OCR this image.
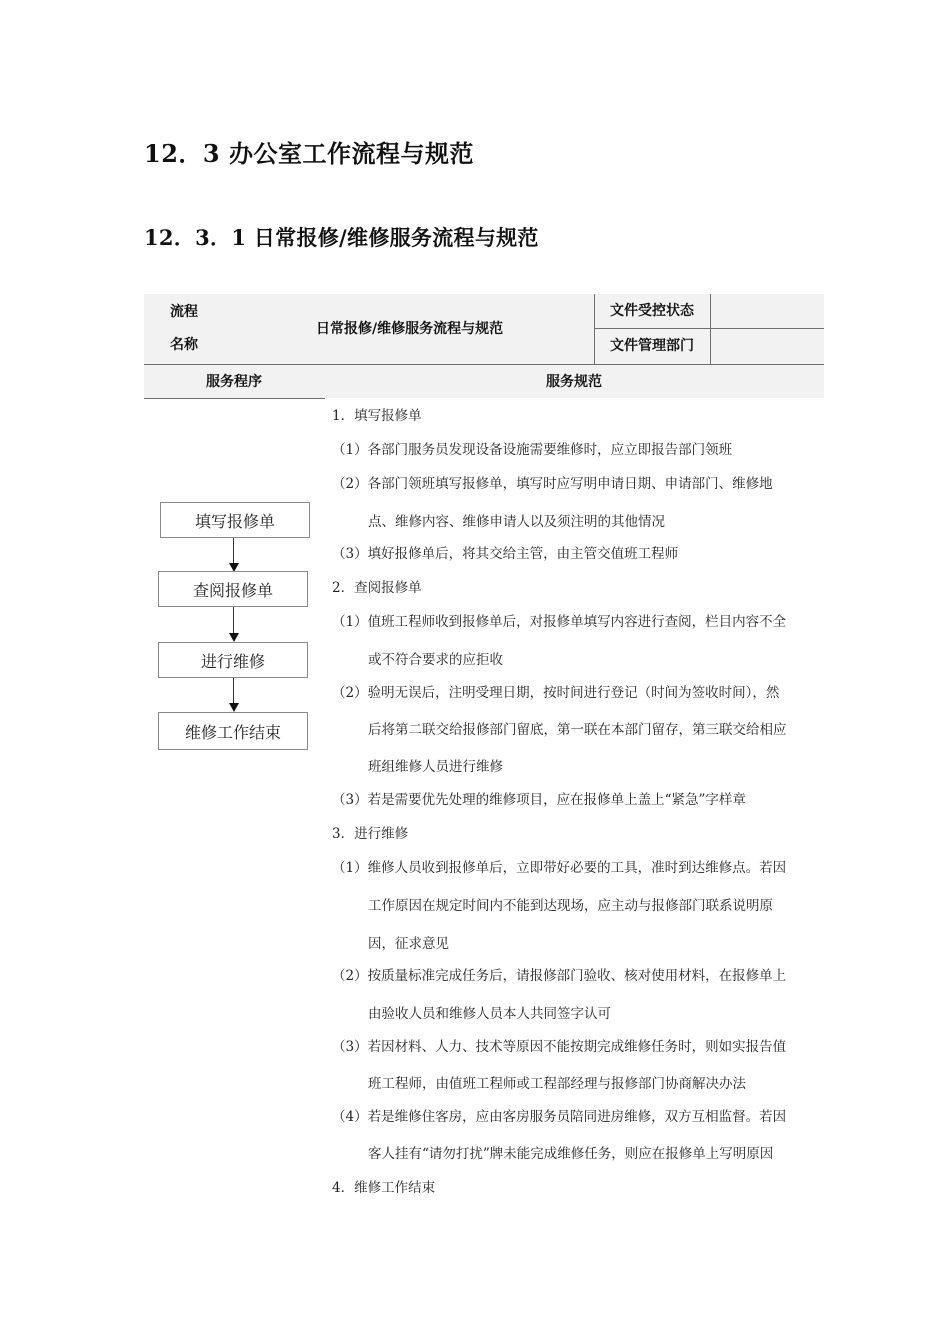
12．3 办公室工作流程与规范
12．3．1 日常报修/维修服务流程与规范
流程
名称
日常报修/维修服务流程与规范
文件受控状态
文件管理部门
服务程序	服务规范
填写报修单
查阅报修单
进行维修
维修工作结束
1．填写报修单
（1）各部门服务员发现设备设施需要维修时，应立即报告部门领班
（2）各部门领班填写报修单，填写时应写明申请日期、申请部门、维修地
点、维修内容、维修申请人以及须注明的其他情况
（3）填好报修单后，将其交给主管，由主管交值班工程师
2．查阅报修单
（1）值班工程师收到报修单后，对报修单填写内容进行查阅，栏目内容不全
或不符合要求的应拒收
（2）验明无误后，注明受理日期，按时间进行登记（时间为签收时间），然
后将第二联交给报修部门留底，第一联在本部门留存，第三联交给相应
班组维修人员进行维修
（3）若是需要优先处理的维修项目，应在报修单上盖上“紧急”字样章
3．进行维修
（1）维修人员收到报修单后，立即带好必要的工具，准时到达维修点。若因
工作原因在规定时间内不能到达现场，应主动与报修部门联系说明原
因，征求意见
（2）按质量标准完成任务后，请报修部门验收、核对使用材料，在报修单上
由验收人员和维修人员本人共同签字认可
（3）若因材料、人力、技术等原因不能按期完成维修任务时，则如实报告值
班工程师，由值班工程师或工程部经理与报修部门协商解决办法
（4）若是维修住客房，应由客房服务员陪同进房维修，双方互相监督。若因
客人挂有“请勿打扰”牌未能完成维修任务，则应在报修单上写明原因
4．维修工作结束
